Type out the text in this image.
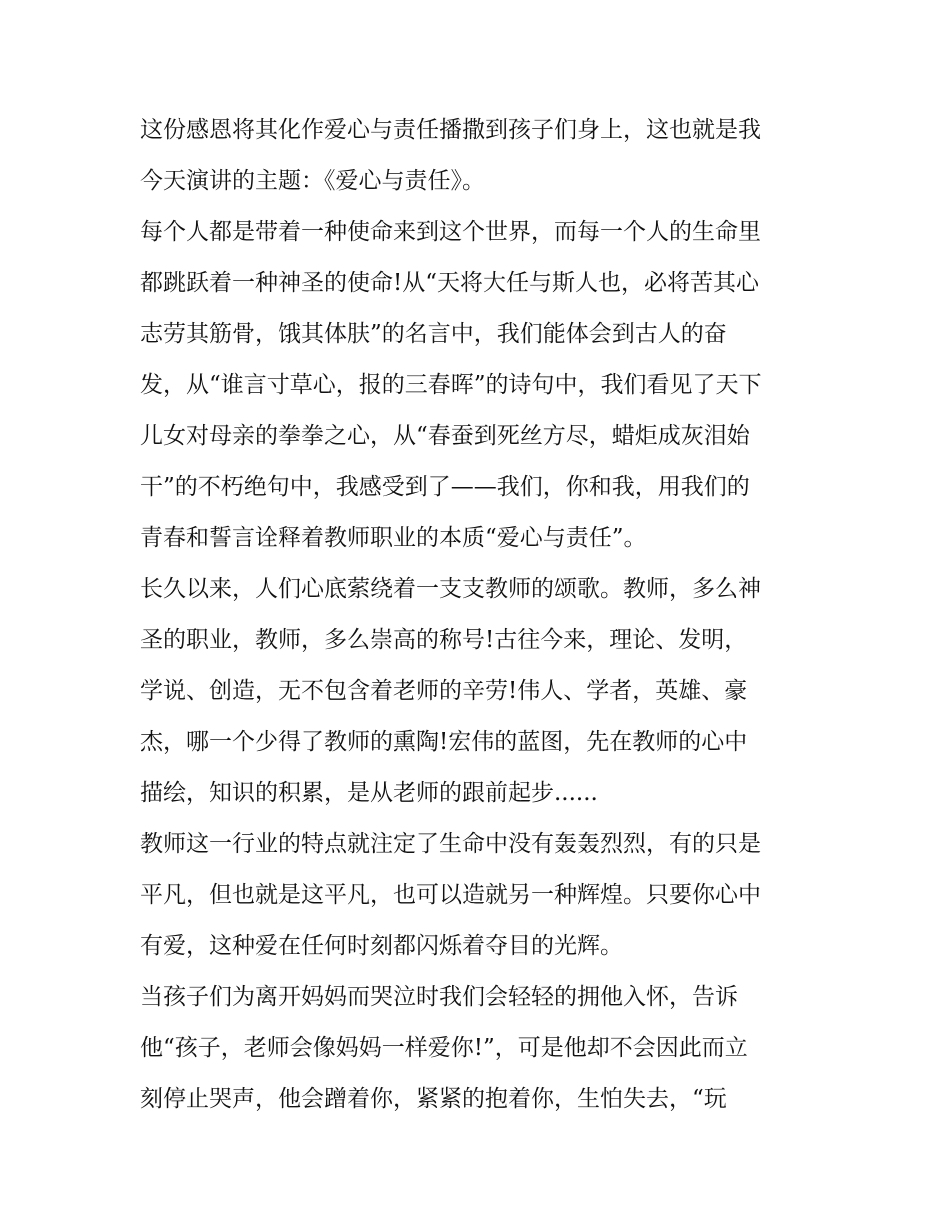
这份感恩将其化作爱心与责任播撒到孩子们身上，这也就是我
今天演讲的主题：《爱心与责任》。
每个人都是带着一种使命来到这个世界，而每一个人的生命里
都跳跃着一种神圣的使命!从“天将大任与斯人也，必将苦其心
志劳其筋骨，饿其体肤”的名言中，我们能体会到古人的奋
发，从“谁言寸草心，报的三春晖”的诗句中，我们看见了天下
儿女对母亲的拳拳之心，从“春蚕到死丝方尽，蜡炬成灰泪始
干”的不朽绝句中，我感受到了——我们，你和我，用我们的
青春和誓言诠释着教师职业的本质“爱心与责任”。
长久以来，人们心底萦绕着一支支教师的颂歌。教师，多么神
圣的职业，教师，多么崇高的称号!古往今来，理论、发明，
学说、创造，无不包含着老师的辛劳!伟人、学者，英雄、豪
杰，哪一个少得了教师的熏陶!宏伟的蓝图，先在教师的心中
描绘，知识的积累，是从老师的跟前起步......
教师这一行业的特点就注定了生命中没有轰轰烈烈，有的只是
平凡，但也就是这平凡，也可以造就另一种辉煌。只要你心中
有爱，这种爱在任何时刻都闪烁着夺目的光辉。
当孩子们为离开妈妈而哭泣时我们会轻轻的拥他入怀，告诉
他“孩子，老师会像妈妈一样爱你!”，可是他却不会因此而立
刻停止哭声，他会蹭着你，紧紧的抱着你，生怕失去，“玩
